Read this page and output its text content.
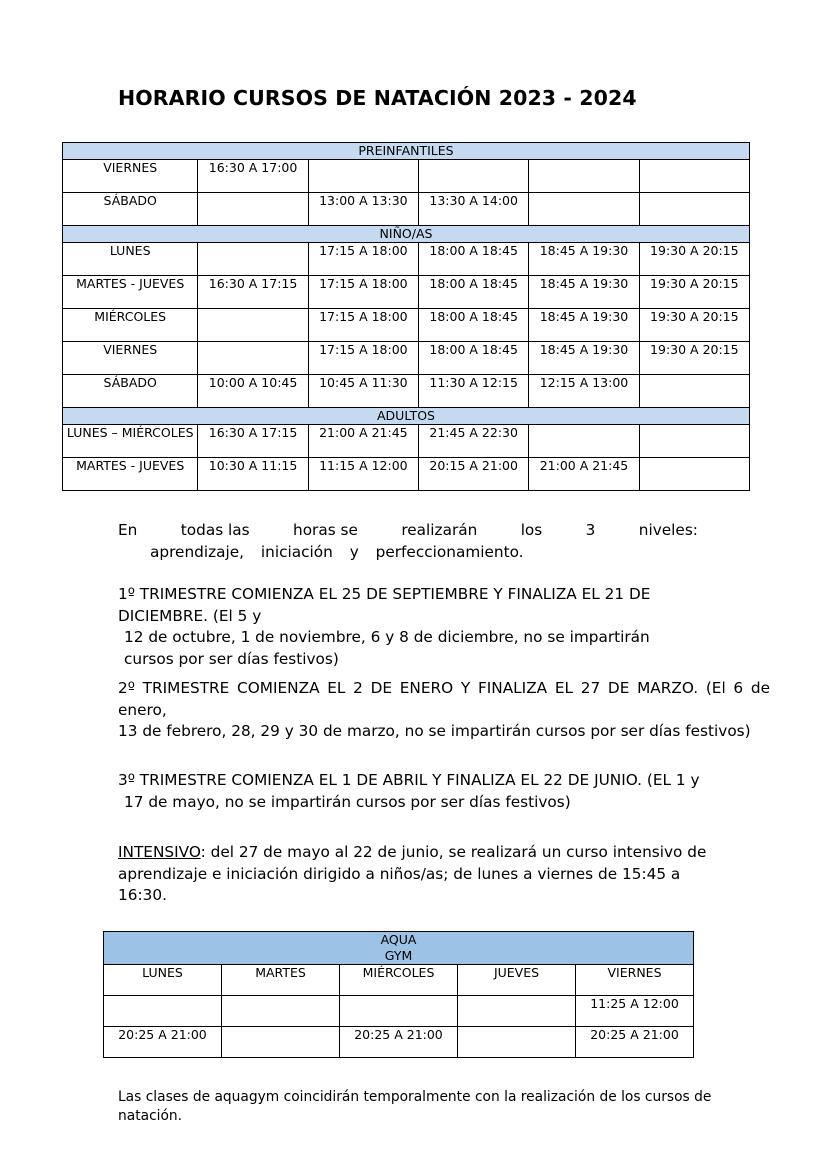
HORARIO CURSOS DE NATACIÓN 2023 - 2024
PREINFANTILES					
VIERNES	16:30 A 17:00				
SÁBADO		13:00 A 13:30	13:30 A 14:00		
NIÑO/AS					
LUNES		17:15 A 18:00	18:00 A 18:45	18:45 A 19:30	19:30 A 20:15
MARTES - JUEVES	16:30 A 17:15	17:15 A 18:00	18:00 A 18:45	18:45 A 19:30	19:30 A 20:15
MIÉRCOLES		17:15 A 18:00	18:00 A 18:45	18:45 A 19:30	19:30 A 20:15
VIERNES		17:15 A 18:00	18:00 A 18:45	18:45 A 19:30	19:30 A 20:15
SÁBADO	10:00 A 10:45	10:45 A 11:30	11:30 A 12:15	12:15 A 13:00	
ADULTOS					
LUNES – MIÉRCOLES	16:30 A 17:15	21:00 A 21:45	21:45 A 22:30		
MARTES - JUEVES	10:30 A 11:15	11:15 A 12:00	20:15 A 21:00	21:00 A 21:45	
En	todas las	horas se	realizarán	los	3	niveles:
aprendizaje, iniciación y perfeccionamiento.
1º TRIMESTRE COMIENZA EL 25 DE SEPTIEMBRE Y FINALIZA EL 21 DE DICIEMBRE. (El 5 y
12 de octubre, 1 de noviembre, 6 y 8 de diciembre, no se impartirán
cursos por ser días festivos)
2º TRIMESTRE COMIENZA EL 2 DE ENERO Y FINALIZA EL 27 DE MARZO. (El 6 de enero,
13 de febrero, 28, 29 y 30 de marzo, no se impartirán cursos por ser días festivos)
3º TRIMESTRE COMIENZA EL 1 DE ABRIL Y FINALIZA EL 22 DE JUNIO. (EL 1 y
17 de mayo, no se impartirán cursos por ser días festivos)
INTENSIVO: del 27 de mayo al 22 de junio, se realizará un curso intensivo de aprendizaje e iniciación dirigido a niños/as; de lunes a viernes de 15:45 a 16:30.
AQUA
GYM				

LUNES	MARTES	MIÉRCOLES	JUEVES	VIERNES
				11:25 A 12:00
20:25 A 21:00		20:25 A 21:00		20:25 A 21:00

Las clases de aquagym coincidirán temporalmente con la realización de los cursos de natación.
